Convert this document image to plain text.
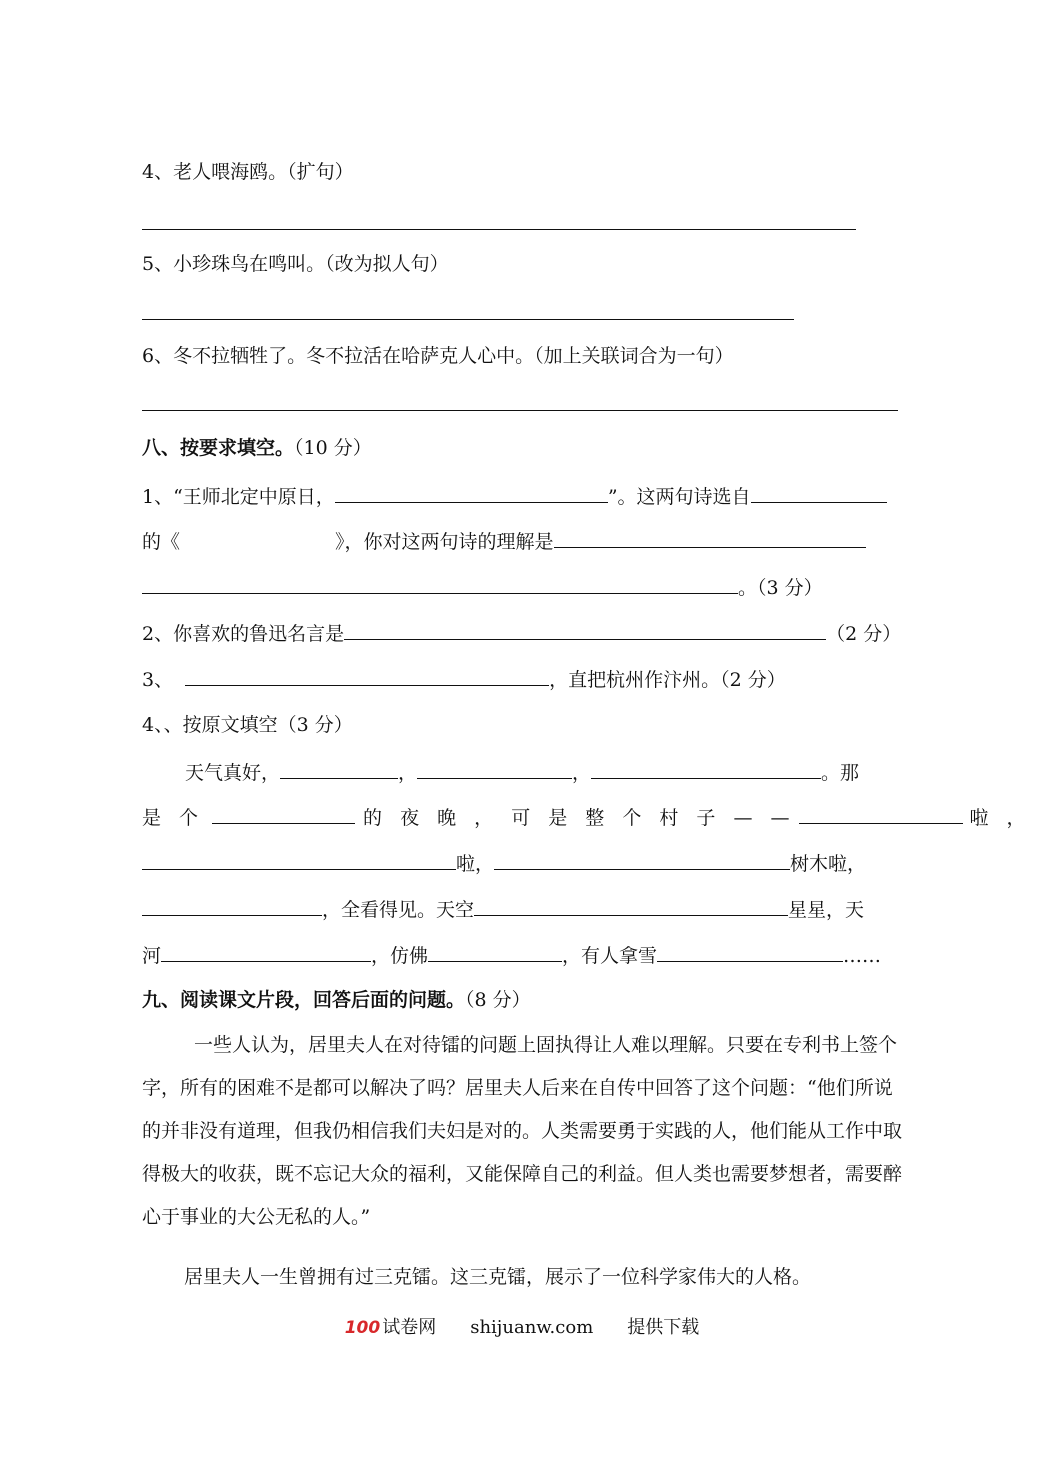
4、老人喂海鸥。（扩句）
5、小珍珠鸟在鸣叫。（改为拟人句）
6、冬不拉牺牲了。冬不拉活在哈萨克人心中。（加上关联词合为一句）
八、按要求填空。（10 分）
1、“王师北定中原日，	”。这两句诗选自
的《	》，你对这两句诗的理解是
。（3 分）
2、你喜欢的鲁迅名言是	（2 分）
3、	，直把杭州作汴州。（2 分）
4、、按原文填空（3 分）
天气真好，	，	，	。那
是 个	的 夜 晚 ， 可 是 整 个 村 子 — —	啦 ，
啦，	树木啦，
，全看得见。天空	星星，天
河	，仿佛	，有人拿雪	……
九、阅读课文片段，回答后面的问题。（8 分）
一些人认为，居里夫人在对待镭的问题上固执得让人难以理解。只要在专利书上签个字，所有的困难不是都可以解决了吗？居里夫人后来在自传中回答了这个问题：“他们所说的并非没有道理，但我仍相信我们夫妇是对的。人类需要勇于实践的人，他们能从工作中取得极大的收获，既不忘记大众的福利，又能保障自己的利益。但人类也需要梦想者，需要醉心于事业的大公无私的人。”
居里夫人一生曾拥有过三克镭。这三克镭，展示了一位科学家伟大的人格。
100 试卷网 shijuanw.com 提供下载
